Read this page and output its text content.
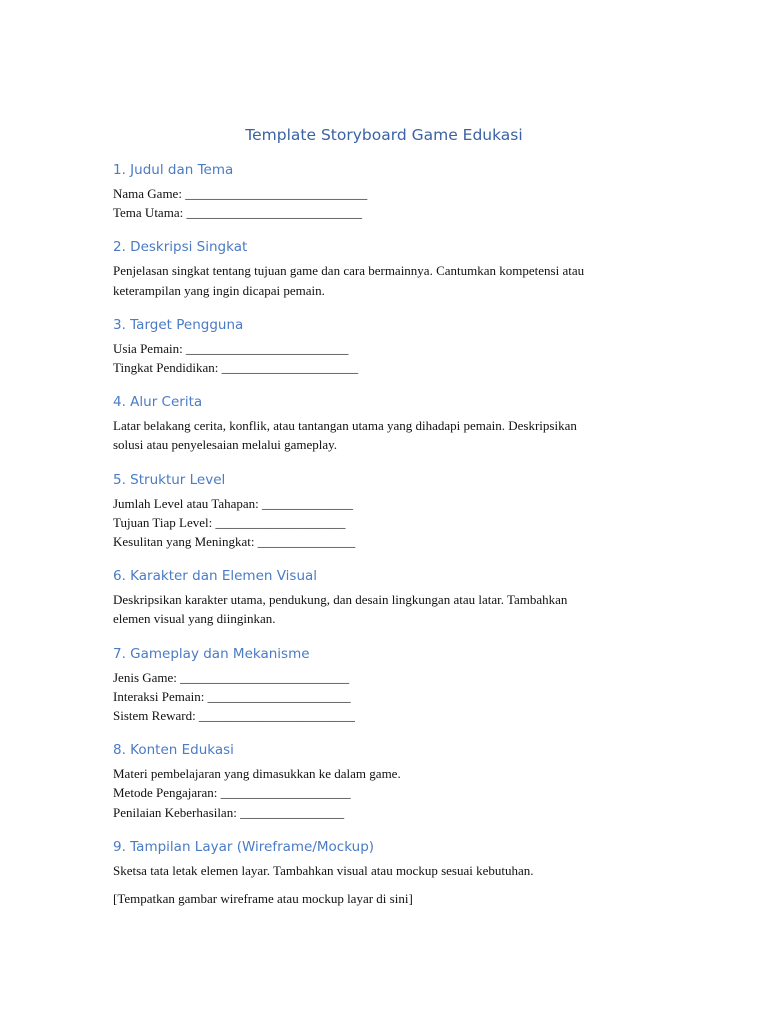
Template Storyboard Game Edukasi
1. Judul dan Tema

Nama Game: ____________________________

Tema Utama: ___________________________

2. Deskripsi Singkat

Penjelasan singkat tentang tujuan game dan cara bermainnya. Cantumkan kompetensi atau

keterampilan yang ingin dicapai pemain.

3. Target Pengguna

Usia Pemain: _________________________

Tingkat Pendidikan: _____________________

4. Alur Cerita

Latar belakang cerita, konflik, atau tantangan utama yang dihadapi pemain. Deskripsikan

solusi atau penyelesaian melalui gameplay.

5. Struktur Level

Jumlah Level atau Tahapan: ______________

Tujuan Tiap Level: ____________________

Kesulitan yang Meningkat: _______________

6. Karakter dan Elemen Visual

Deskripsikan karakter utama, pendukung, dan desain lingkungan atau latar. Tambahkan

elemen visual yang diinginkan.

7. Gameplay dan Mekanisme

Jenis Game: __________________________

Interaksi Pemain: ______________________

Sistem Reward: ________________________

8. Konten Edukasi

Materi pembelajaran yang dimasukkan ke dalam game.

Metode Pengajaran: ____________________

Penilaian Keberhasilan: ________________

9. Tampilan Layar (Wireframe/Mockup)

Sketsa tata letak elemen layar. Tambahkan visual atau mockup sesuai kebutuhan.

[Tempatkan gambar wireframe atau mockup layar di sini]
